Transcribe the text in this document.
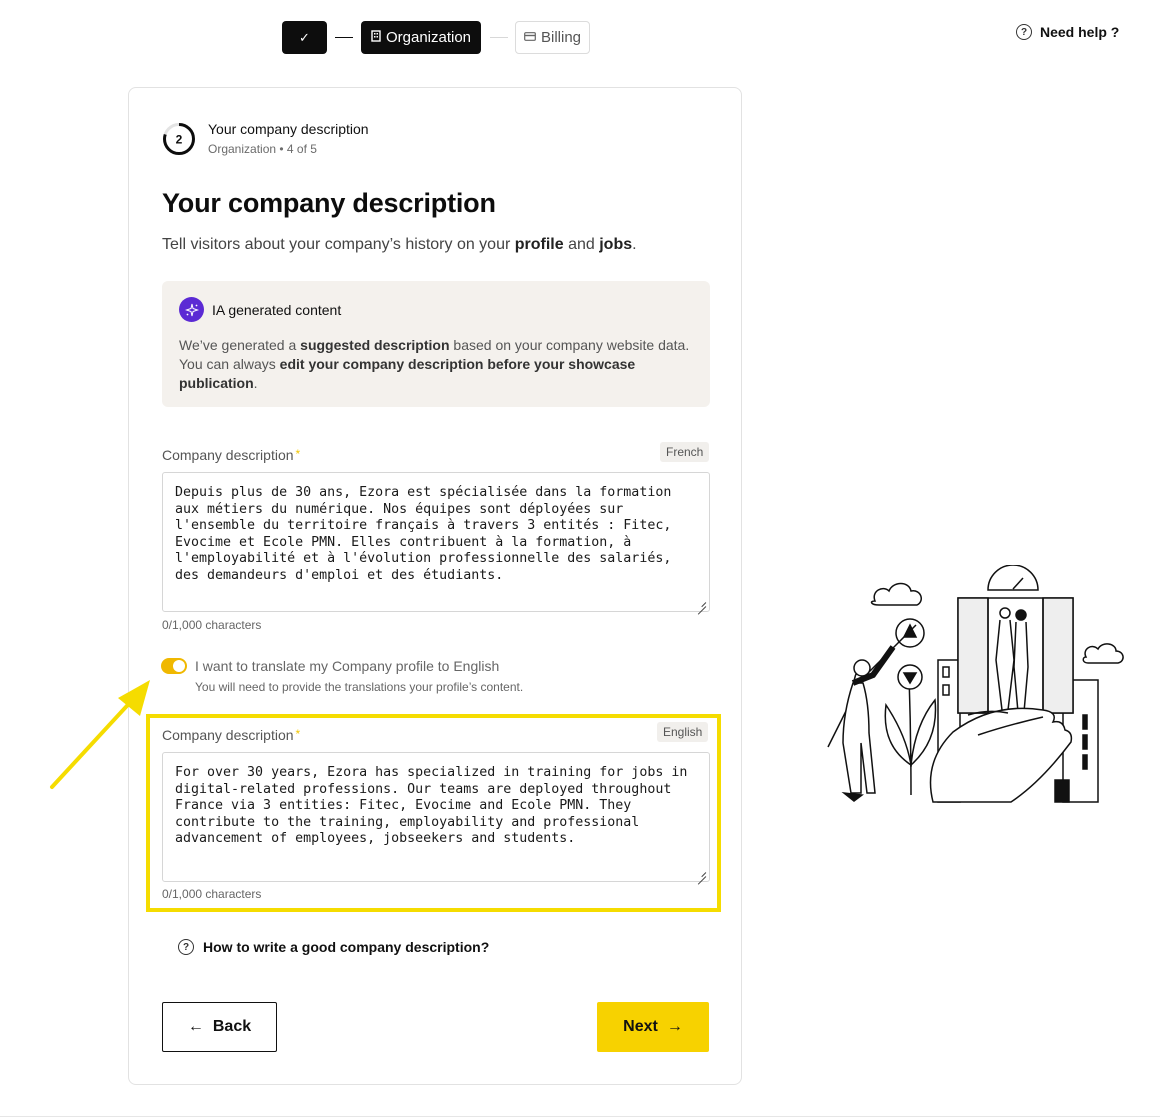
✓	Organization	Billing	? Need help ?
2
Your company description
Organization • 4 of 5
Your company description

Tell visitors about your company’s history on your profile and jobs.

IA generated content

We’ve generated a suggested description based on your company website data. You can always edit your company description before your showcase publication.

Company description *	French
Depuis plus de 30 ans, Ezora est spécialisée dans la formation aux métiers du numérique. Nos équipes sont déployées sur l'ensemble du territoire français à travers 3 entités : Fitec, Evocime et Ecole PMN. Elles contribuent à la formation, à l'employabilité et à l'évolution professionnelle des salariés, des demandeurs d'emploi et des étudiants.
0/1,000 characters
I want to translate my Company profile to English
You will need to provide the translations your profile’s content.
Company description *	English
For over 30 years, Ezora has specialized in training for jobs in digital-related professions. Our teams are deployed throughout France via 3 entities: Fitec, Evocime and Ecole PMN. They contribute to the training, employability and professional advancement of employees, jobseekers and students.
0/1,000 characters
? How to write a good company description?
← Back	Next →
